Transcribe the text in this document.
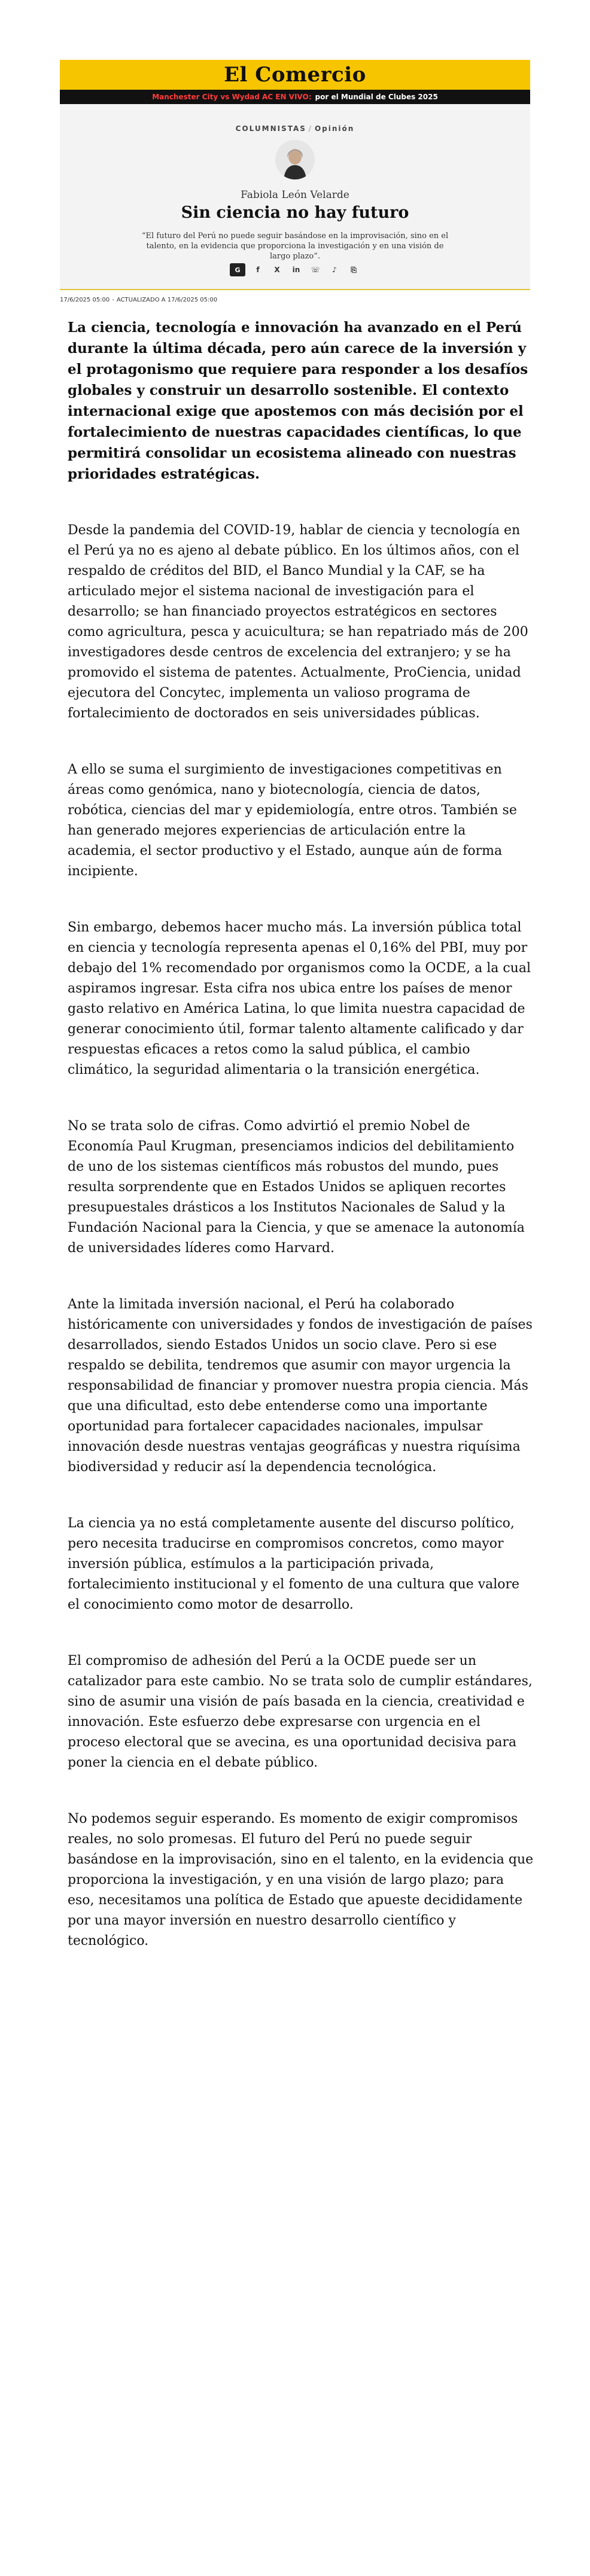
El Comercio
Manchester City vs Wydad AC EN VIVO: por el Mundial de Clubes 2025
COLUMNISTAS / Opinión
Fabiola León Velarde
Sin ciencia no hay futuro
“El futuro del Perú no puede seguir basándose en la improvisación, sino en el talento, en la evidencia que proporciona la investigación y en una visión de largo plazo”.
G	f	X	in	☏	♪	⎘
17/6/2025 05:00 - ACTUALIZADO A 17/6/2025 05:00

La ciencia, tecnología e innovación ha avanzado en el Perú durante la última década, pero aún carece de la inversión y el protagonismo que requiere para responder a los desafíos globales y construir un desarrollo sostenible. El contexto internacional exige que apostemos con más decisión por el fortalecimiento de nuestras capacidades científicas, lo que permitirá consolidar un ecosistema alineado con nuestras prioridades estratégicas.

Desde la pandemia del COVID-19, hablar de ciencia y tecnología en el Perú ya no es ajeno al debate público. En los últimos años, con el respaldo de créditos del BID, el Banco Mundial y la CAF, se ha articulado mejor el sistema nacional de investigación para el desarrollo; se han financiado proyectos estratégicos en sectores como agricultura, pesca y acuicultura; se han repatriado más de 200 investigadores desde centros de excelencia del extranjero; y se ha promovido el sistema de patentes. Actualmente, ProCiencia, unidad ejecutora del Concytec, implementa un valioso programa de fortalecimiento de doctorados en seis universidades públicas.

A ello se suma el surgimiento de investigaciones competitivas en áreas como genómica, nano y biotecnología, ciencia de datos, robótica, ciencias del mar y epidemiología, entre otros. También se han generado mejores experiencias de articulación entre la academia, el sector productivo y el Estado, aunque aún de forma incipiente.

Sin embargo, debemos hacer mucho más. La inversión pública total en ciencia y tecnología representa apenas el 0,16% del PBI, muy por debajo del 1% recomendado por organismos como la OCDE, a la cual aspiramos ingresar. Esta cifra nos ubica entre los países de menor gasto relativo en América Latina, lo que limita nuestra capacidad de generar conocimiento útil, formar talento altamente calificado y dar respuestas eficaces a retos como la salud pública, el cambio climático, la seguridad alimentaria o la transición energética.

No se trata solo de cifras. Como advirtió el premio Nobel de Economía Paul Krugman, presenciamos indicios del debilitamiento de uno de los sistemas científicos más robustos del mundo, pues resulta sorprendente que en Estados Unidos se apliquen recortes presupuestales drásticos a los Institutos Nacionales de Salud y la Fundación Nacional para la Ciencia, y que se amenace la autonomía de universidades líderes como Harvard.

Ante la limitada inversión nacional, el Perú ha colaborado históricamente con universidades y fondos de investigación de países desarrollados, siendo Estados Unidos un socio clave. Pero si ese respaldo se debilita, tendremos que asumir con mayor urgencia la responsabilidad de financiar y promover nuestra propia ciencia. Más que una dificultad, esto debe entenderse como una importante oportunidad para fortalecer capacidades nacionales, impulsar innovación desde nuestras ventajas geográficas y nuestra riquísima biodiversidad y reducir así la dependencia tecnológica.

La ciencia ya no está completamente ausente del discurso político, pero necesita traducirse en compromisos concretos, como mayor inversión pública, estímulos a la participación privada, fortalecimiento institucional y el fomento de una cultura que valore el conocimiento como motor de desarrollo.

El compromiso de adhesión del Perú a la OCDE puede ser un catalizador para este cambio. No se trata solo de cumplir estándares, sino de asumir una visión de país basada en la ciencia, creatividad e innovación. Este esfuerzo debe expresarse con urgencia en el proceso electoral que se avecina, es una oportunidad decisiva para poner la ciencia en el debate público.

No podemos seguir esperando. Es momento de exigir compromisos reales, no solo promesas. El futuro del Perú no puede seguir basándose en la improvisación, sino en el talento, en la evidencia que proporciona la investigación, y en una visión de largo plazo; para eso, necesitamos una política de Estado que apueste decididamente por una mayor inversión en nuestro desarrollo científico y tecnológico.
